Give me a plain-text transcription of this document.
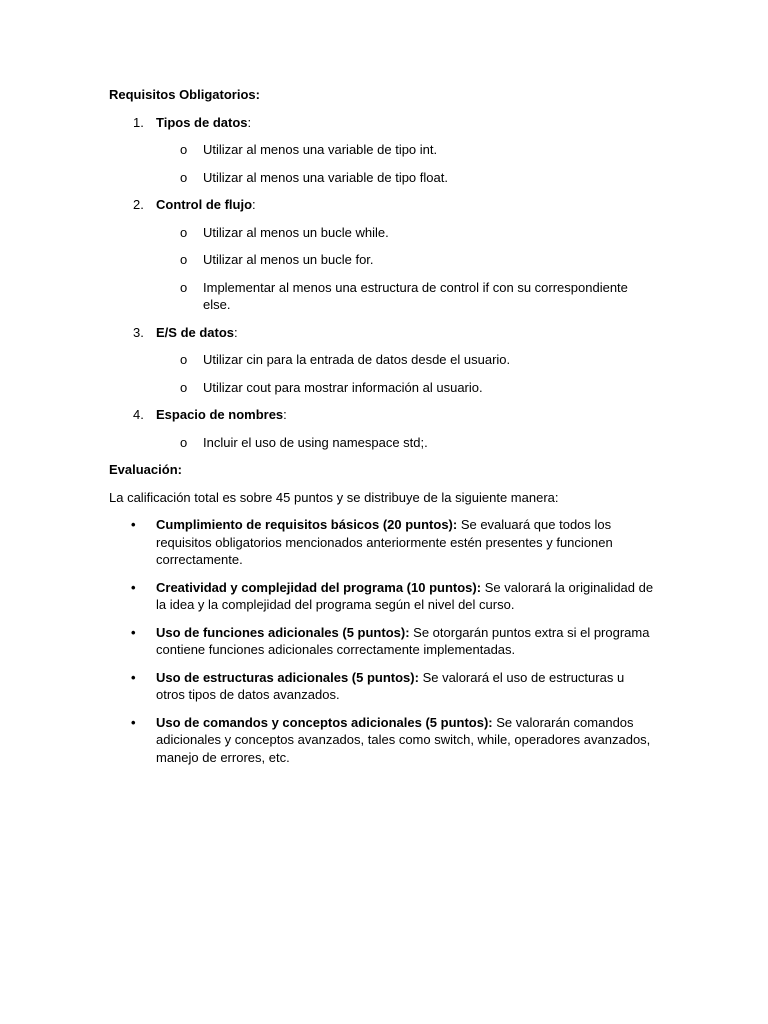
Requisitos Obligatorios:

1. Tipos de datos:
o Utilizar al menos una variable de tipo int.
o Utilizar al menos una variable de tipo float.
2. Control de flujo:
o Utilizar al menos un bucle while.
o Utilizar al menos un bucle for.
o Implementar al menos una estructura de control if con su correspondiente else.
3. E/S de datos:
o Utilizar cin para la entrada de datos desde el usuario.
o Utilizar cout para mostrar información al usuario.
4. Espacio de nombres:
o Incluir el uso de using namespace std;.

Evaluación:

La calificación total es sobre 45 puntos y se distribuye de la siguiente manera:

• Cumplimiento de requisitos básicos (20 puntos): Se evaluará que todos los requisitos obligatorios mencionados anteriormente estén presentes y funcionen correctamente.
• Creatividad y complejidad del programa (10 puntos): Se valorará la originalidad de la idea y la complejidad del programa según el nivel del curso.
• Uso de funciones adicionales (5 puntos): Se otorgarán puntos extra si el programa contiene funciones adicionales correctamente implementadas.
• Uso de estructuras adicionales (5 puntos): Se valorará el uso de estructuras u otros tipos de datos avanzados.
• Uso de comandos y conceptos adicionales (5 puntos): Se valorarán comandos adicionales y conceptos avanzados, tales como switch, while, operadores avanzados, manejo de errores, etc.
